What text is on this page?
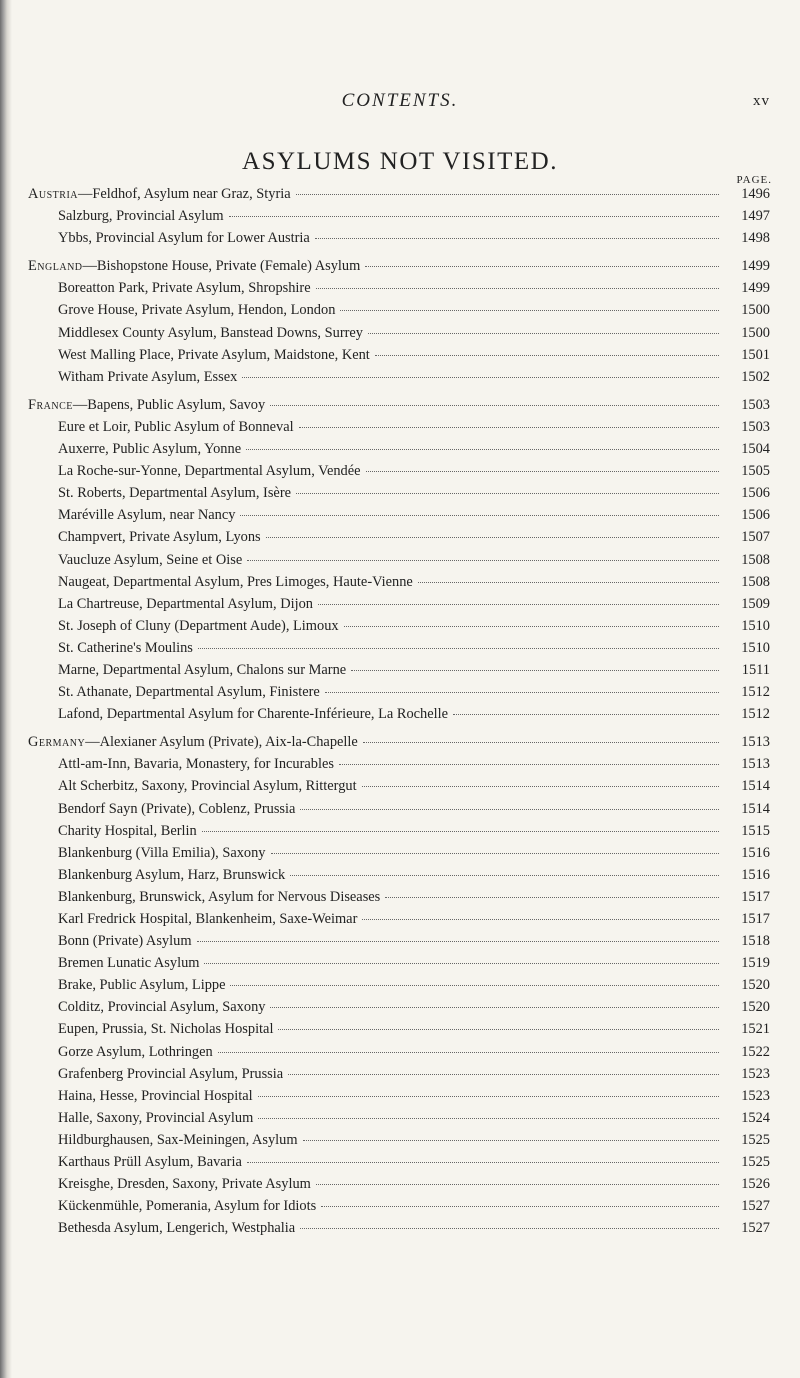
CONTENTS.	xv
ASYLUMS NOT VISITED.
PAGE.
Austria—Feldhof, Asylum near Graz, Styria	1496
Salzburg, Provincial Asylum	1497
Ybbs, Provincial Asylum for Lower Austria	1498
England—Bishopstone House, Private (Female) Asylum	1499
Boreatton Park, Private Asylum, Shropshire	1499
Grove House, Private Asylum, Hendon, London	1500
Middlesex County Asylum, Banstead Downs, Surrey	1500
West Malling Place, Private Asylum, Maidstone, Kent	1501
Witham Private Asylum, Essex	1502
France—Bapens, Public Asylum, Savoy	1503
Eure et Loir, Public Asylum of Bonneval	1503
Auxerre, Public Asylum, Yonne	1504
La Roche-sur-Yonne, Departmental Asylum, Vendée	1505
St. Roberts, Departmental Asylum, Isère	1506
Maréville Asylum, near Nancy	1506
Champvert, Private Asylum, Lyons	1507
Vaucluze Asylum, Seine et Oise	1508
Naugeat, Departmental Asylum, Pres Limoges, Haute-Vienne	1508
La Chartreuse, Departmental Asylum, Dijon	1509
St. Joseph of Cluny (Department Aude), Limoux	1510
St. Catherine's Moulins	1510
Marne, Departmental Asylum, Chalons sur Marne	1511
St. Athanate, Departmental Asylum, Finistere	1512
Lafond, Departmental Asylum for Charente-Inférieure, La Rochelle	1512
Germany—Alexianer Asylum (Private), Aix-la-Chapelle	1513
Attl-am-Inn, Bavaria, Monastery, for Incurables	1513
Alt Scherbitz, Saxony, Provincial Asylum, Rittergut	1514
Bendorf Sayn (Private), Coblenz, Prussia	1514
Charity Hospital, Berlin	1515
Blankenburg (Villa Emilia), Saxony	1516
Blankenburg Asylum, Harz, Brunswick	1516
Blankenburg, Brunswick, Asylum for Nervous Diseases	1517
Karl Fredrick Hospital, Blankenheim, Saxe-Weimar	1517
Bonn (Private) Asylum	1518
Bremen Lunatic Asylum	1519
Brake, Public Asylum, Lippe	1520
Colditz, Provincial Asylum, Saxony	1520
Eupen, Prussia, St. Nicholas Hospital	1521
Gorze Asylum, Lothringen	1522
Grafenberg Provincial Asylum, Prussia	1523
Haina, Hesse, Provincial Hospital	1523
Halle, Saxony, Provincial Asylum	1524
Hildburghausen, Sax-Meiningen, Asylum	1525
Karthaus Prüll Asylum, Bavaria	1525
Kreisghe, Dresden, Saxony, Private Asylum	1526
Kückenmühle, Pomerania, Asylum for Idiots	1527
Bethesda Asylum, Lengerich, Westphalia	1527
